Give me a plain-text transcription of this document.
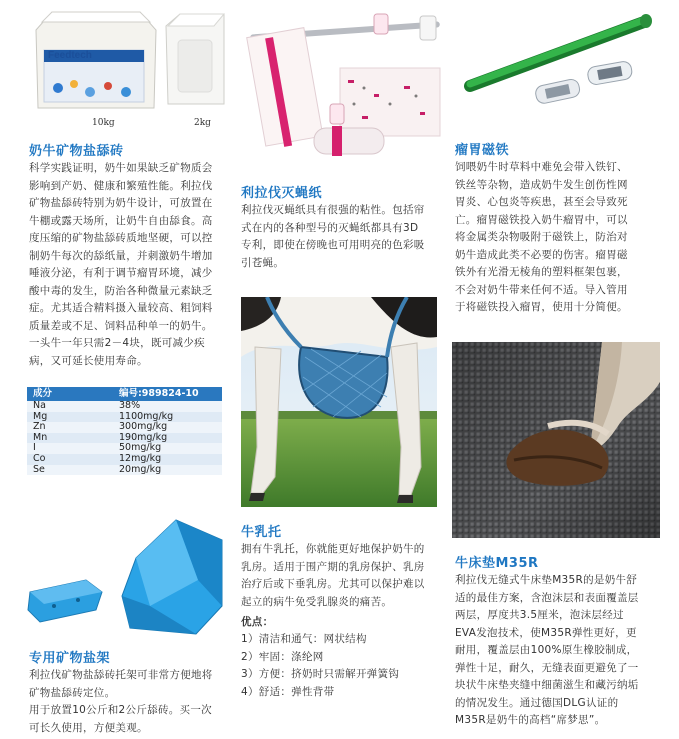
Feedtech
10kg	2kg
奶牛矿物盐舔砖
科学实践证明，奶牛如果缺乏矿物质会
影响到产奶、健康和繁殖性能。利拉伐
矿物盐舔砖特别为奶牛设计，可放置在
牛棚或露天场所，让奶牛自由舔食。高
度压缩的矿物盐舔砖质地坚硬，可以控
制奶牛每次的舔纸量，并刺激奶牛增加
唾液分泌，有利于调节瘤胃环境，减少
酸中毒的发生，防治各种微量元素缺乏
症。尤其适合精料摄入量较高、粗饲料
质量差或不足、饲料品种单一的奶牛。
一头牛一年只需2－4块，既可减少疾
病，又可延长使用寿命。
成分	编号:989824-10
Na	38%
Mg	1100mg/kg
Zn	300mg/kg
Mn	190mg/kg
I	50mg/kg
Co	12mg/kg
Se	20mg/kg
专用矿物盐架
利拉伐矿物盐舔砖托架可非常方便地将
矿物盐舔砖定位。
用于放置10公斤和2公斤舔砖。买一次
可长久使用，方便美观。
利拉伐灭蝇纸
利拉伐灭蝇纸具有很强的粘性。包括帘
式在内的各种型号的灭蝇纸都具有3D
专利，即使在傍晚也可用明亮的色彩吸
引苍蝇。
牛乳托
拥有牛乳托，你就能更好地保护奶牛的
乳房。适用于围产期的乳房保护、乳房
治疗后或下垂乳房。尤其可以保护难以
起立的病牛免受乳腺炎的痛苦。
优点：
1）清洁和通气：网状结构
2）牢固：涤纶网
3）方便：挤奶时只需解开弹簧钩
4）舒适：弹性背带
瘤胃磁铁
饲喂奶牛时草料中难免会带入铁钉、
铁丝等杂物，造成奶牛发生创伤性网
胃炎、心包炎等疾患，甚至会导致死
亡。瘤胃磁铁投入奶牛瘤胃中，可以
将金属类杂物吸附于磁铁上，防治对
奶牛造成此类不必要的伤害。瘤胃磁
铁外有光滑无棱角的塑料框架包裹，
不会对奶牛带来任何不适。导入管用
于将磁铁投入瘤胃，使用十分简便。
牛床垫M35R
利拉伐无缝式牛床垫M35R的是奶牛舒
适的最佳方案，含泡沫层和表面覆盖层
两层，厚度共3.5厘米，泡沫层经过
EVA发泡技术，使M35R弹性更好，更
耐用，覆盖层由100%原生橡胶制成，
弹性十足，耐久，无缝表面更避免了一
块状牛床垫夹缝中细菌滋生和藏污纳垢
的情况发生。通过德国DLG认证的
M35R是奶牛的高档“席梦思”。
